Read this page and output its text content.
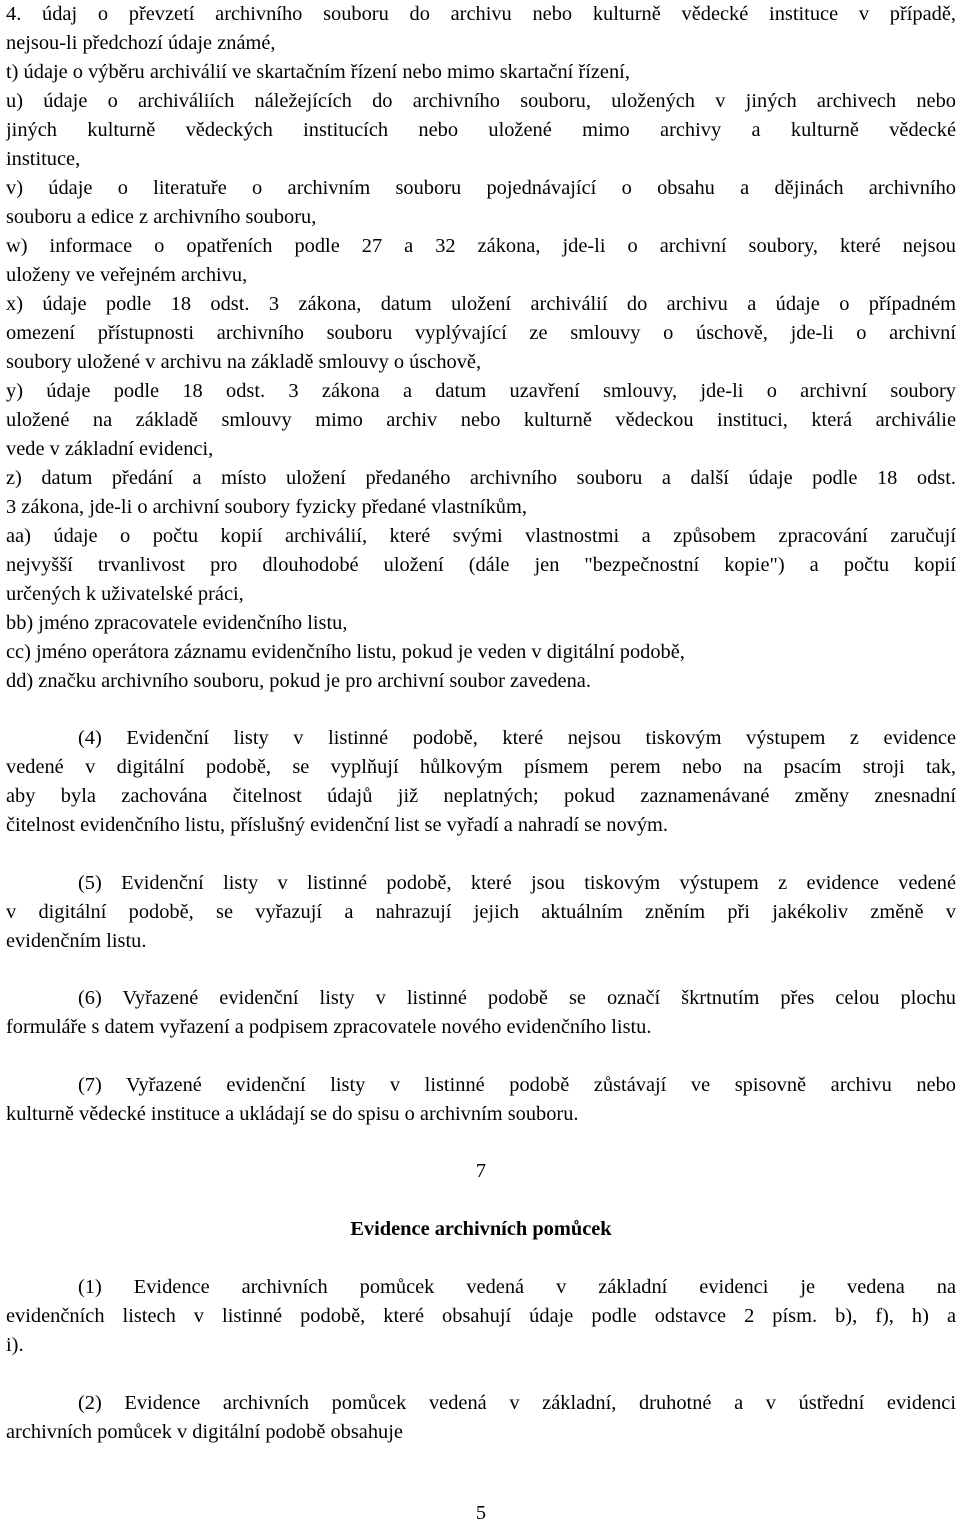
4. údaj o převzetí archivního souboru do archivu nebo kulturně vědecké instituce v případě,
nejsou-li předchozí údaje známé,
t) údaje o výběru archiválií ve skartačním řízení nebo mimo skartační řízení,
u) údaje o archiváliích náležejících do archivního souboru, uložených v jiných archivech nebo
jiných kulturně vědeckých institucích nebo uložené mimo archivy a kulturně vědecké
instituce,
v) údaje o literatuře o archivním souboru pojednávající o obsahu a dějinách archivního
souboru a edice z archivního souboru,
w) informace o opatřeních podle 27 a 32 zákona, jde-li o archivní soubory, které nejsou
uloženy ve veřejném archivu,
x) údaje podle 18 odst. 3 zákona, datum uložení archiválií do archivu a údaje o případném
omezení přístupnosti archivního souboru vyplývající ze smlouvy o úschově, jde-li o archivní
soubory uložené v archivu na základě smlouvy o úschově,
y) údaje podle 18 odst. 3 zákona a datum uzavření smlouvy, jde-li o archivní soubory
uložené na základě smlouvy mimo archiv nebo kulturně vědeckou instituci, která archiválie
vede v základní evidenci,
z) datum předání a místo uložení předaného archivního souboru a další údaje podle 18 odst.
3 zákona, jde-li o archivní soubory fyzicky předané vlastníkům,
aa) údaje o počtu kopií archiválií, které svými vlastnostmi a způsobem zpracování zaručují
nejvyšší trvanlivost pro dlouhodobé uložení (dále jen "bezpečnostní kopie") a počtu kopií
určených k uživatelské práci,
bb) jméno zpracovatele evidenčního listu,
cc) jméno operátora záznamu evidenčního listu, pokud je veden v digitální podobě,
dd) značku archivního souboru, pokud je pro archivní soubor zavedena.
(4) Evidenční listy v listinné podobě, které nejsou tiskovým výstupem z evidence
vedené v digitální podobě, se vyplňují hůlkovým písmem perem nebo na psacím stroji tak,
aby byla zachována čitelnost údajů již neplatných; pokud zaznamenávané změny znesnadní
čitelnost evidenčního listu, příslušný evidenční list se vyřadí a nahradí se novým.
(5) Evidenční listy v listinné podobě, které jsou tiskovým výstupem z evidence vedené
v digitální podobě, se vyřazují a nahrazují jejich aktuálním zněním při jakékoliv změně v
evidenčním listu.
(6) Vyřazené evidenční listy v listinné podobě se označí škrtnutím přes celou plochu
formuláře s datem vyřazení a podpisem zpracovatele nového evidenčního listu.
(7) Vyřazené evidenční listy v listinné podobě zůstávají ve spisovně archivu nebo
kulturně vědecké instituce a ukládají se do spisu o archivním souboru.
7
Evidence archivních pomůcek
(1) Evidence archivních pomůcek vedená v základní evidenci je vedena na
evidenčních listech v listinné podobě, které obsahují údaje podle odstavce 2 písm. b), f), h) a
i).
(2) Evidence archivních pomůcek vedená v základní, druhotné a v ústřední evidenci
archivních pomůcek v digitální podobě obsahuje
5
